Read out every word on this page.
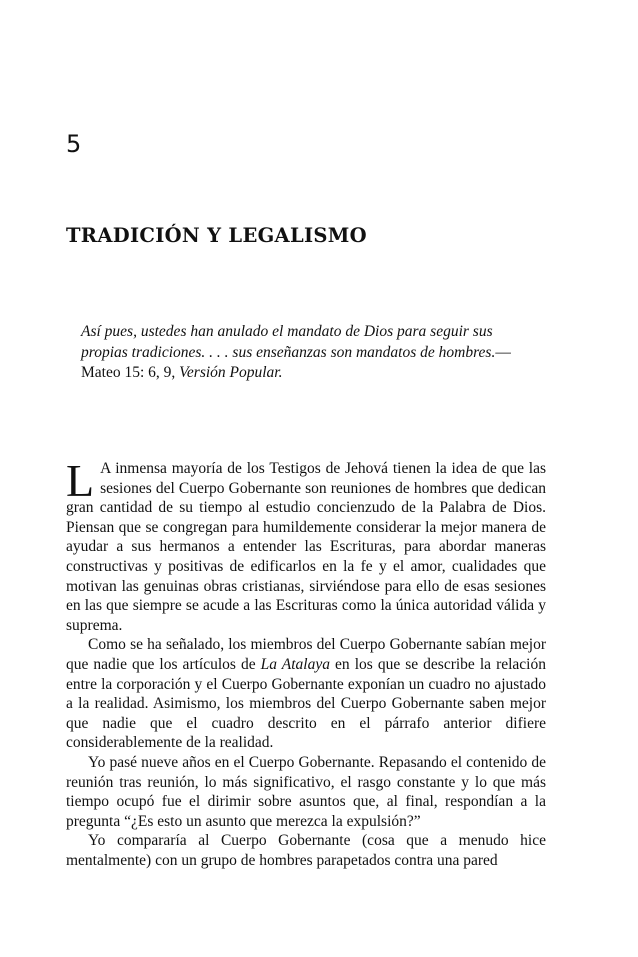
5
TRADICIÓN Y LEGALISMO

Así pues, ustedes han anulado el mandato de Dios para seguir sus propias tradiciones. . . . sus enseñanzas son mandatos de hombres.—Mateo 15: 6, 9, Versión Popular.

L A inmensa mayoría de los Testigos de Jehová tienen la idea de que las sesiones del Cuerpo Gobernante son reuniones de hombres que dedican gran cantidad de su tiempo al estudio concienzudo de la Palabra de Dios. Piensan que se congregan para humildemente considerar la mejor manera de ayudar a sus hermanos a entender las Escrituras, para abordar maneras constructivas y positivas de edificarlos en la fe y el amor, cualidades que motivan las genuinas obras cristianas, sirviéndose para ello de esas sesiones en las que siempre se acude a las Escrituras como la única autoridad válida y suprema.

Como se ha señalado, los miembros del Cuerpo Gobernante sabían mejor que nadie que los artículos de La Atalaya en los que se describe la relación entre la corporación y el Cuerpo Gobernante exponían un cuadro no ajustado a la realidad. Asimismo, los miembros del Cuerpo Gobernante saben mejor que nadie que el cuadro descrito en el párrafo anterior difiere considerablemente de la realidad.

Yo pasé nueve años en el Cuerpo Gobernante. Repasando el contenido de reunión tras reunión, lo más significativo, el rasgo constante y lo que más tiempo ocupó fue el dirimir sobre asuntos que, al final, respondían a la pregunta “¿Es esto un asunto que merezca la expulsión?”

Yo compararía al Cuerpo Gobernante (cosa que a menudo hice mentalmente) con un grupo de hombres parapetados contra una pared
